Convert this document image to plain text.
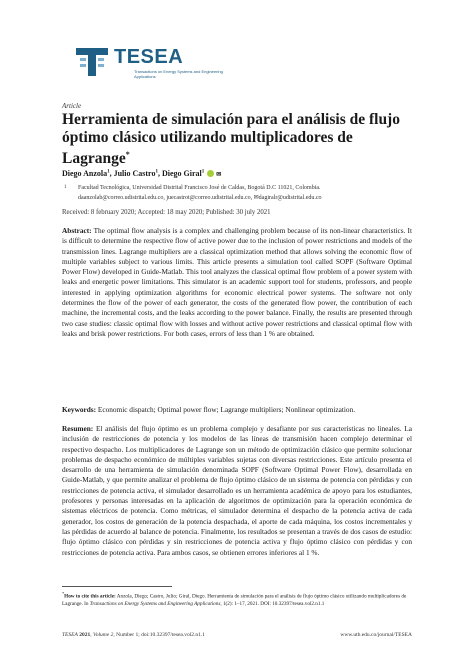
TESEA
Transactions on Energy Systems and Engineering Applications
Article
Herramienta de simulación para el análisis de flujo óptimo clásico utilizando multiplicadores de Lagrange*
Diego Anzola$^1$, Julio Castro$^1$, Diego Giral$^1$  ✉
1 Facultad Tecnológica, Universidad Distrital Francisco José de Caldas, Bogotá D.C 11021, Colombia.
daanzolab@correo.udistrital.edu.co, juecastrot@correo.udistrital.edu.co, ✉dagiralr@udistrital.edu.co
Received: 8 february 2020; Accepted: 18 may 2020; Published: 30 july 2021
Abstract: The optimal flow analysis is a complex and challenging problem because of its non-linear characteristics. It is difficult to determine the respective flow of active power due to the inclusion of power restrictions and models of the transmission lines. Lagrange multipliers are a classical optimization method that allows solving the economic flow of multiple variables subject to various limits. This article presents a simulation tool called SOPF (Software Optimal Power Flow) developed in Guide-Matlab. This tool analyzes the classical optimal flow problem of a power system with leaks and energetic power limitations. This simulator is an academic support tool for students, professors, and people interested in applying optimization algorithms for economic electrical power systems. The software not only determines the flow of the power of each generator, the costs of the generated flow power, the contribution of each machine, the incremental costs, and the leaks according to the power balance. Finally, the results are presented through two case studies: classic optimal flow with losses and without active power restrictions and classical optimal flow with leaks and brisk power restrictions. For both cases, errors of less than 1 % are obtained.
Keywords: Economic dispatch; Optimal power flow; Lagrange multipliers; Nonlinear optimization.
Resumen: El análisis del flujo óptimo es un problema complejo y desafiante por sus características no lineales. La inclusión de restricciones de potencia y los modelos de las líneas de transmisión hacen complejo determinar el respectivo despacho. Los multiplicadores de Lagrange son un método de optimización clásico que permite solucionar problemas de despacho económico de múltiples variables sujetas con diversas restricciones. Este artículo presenta el desarrollo de una herramienta de simulación denominada SOPF (Software Optimal Power Flow), desarrollada en Guide-Matlab, y que permite analizar el problema de flujo óptimo clásico de un sistema de potencia con pérdidas y con restricciones de potencia activa, el simulador desarrollado es un herramienta académica de apoyo para los estudiantes, profesores y personas interesadas en la aplicación de algoritmos de optimización para la operación económica de sistemas eléctricos de potencia. Como métricas, el simulador determina el despacho de la potencia activa de cada generador, los costos de generación de la potencia despachada, el aporte de cada máquina, los costos incrementales y las pérdidas de acuerdo al balance de potencia. Finalmente, los resultados se presentan a través de dos casos de estudio: flujo óptimo clásico con pérdidas y sin restricciones de potencia activa y flujo óptimo clásico con pérdidas y con restricciones de potencia activa. Para ambos casos, se obtienen errores inferiores al 1 %.
*How to cite this article: Anzola, Diego; Castro, Julio; Giral, Diego. Herramienta de simulación para el análisis de flujo óptimo clásico utilizando multiplicadores de Lagrange. In Transactions on Energy Systems and Engineering Applications, 1(2): 1–17, 2021. DOI: 10.32397/tesea.vol2.n1.1
TESEA 2021, Volume 2, Number 1; doi:10.32397/tesea.vol2.n1.1	www.utb.edu.co/journal/TESEA
